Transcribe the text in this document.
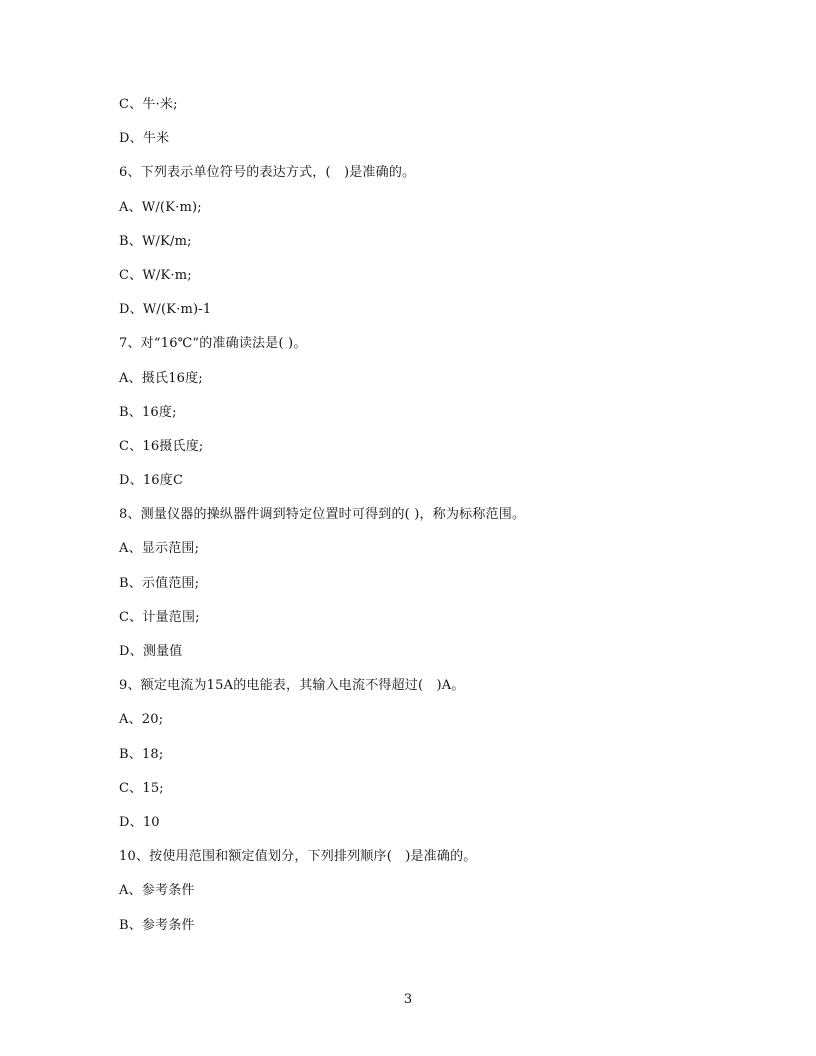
C、牛·米;
D、牛米
6、下列表示单位符号的表达方式，(　)是准确的。
A、W/(K·m);
B、W/K/m;
C、W/K·m;
D、W/(K·m)-1
7、对“16℃”的准确读法是( )。
A、摄氏16度;
B、16度;
C、16摄氏度;
D、16度C
8、测量仪器的操纵器件调到特定位置时可得到的( )，称为标称范围。
A、显示范围;
B、示值范围;
C、计量范围;
D、测量值
9、额定电流为15A的电能表，其输入电流不得超过(　)A。
A、20;
B、18;
C、15;
D、10
10、按使用范围和额定值划分，下列排列顺序(　)是准确的。
A、参考条件
B、参考条件
3
